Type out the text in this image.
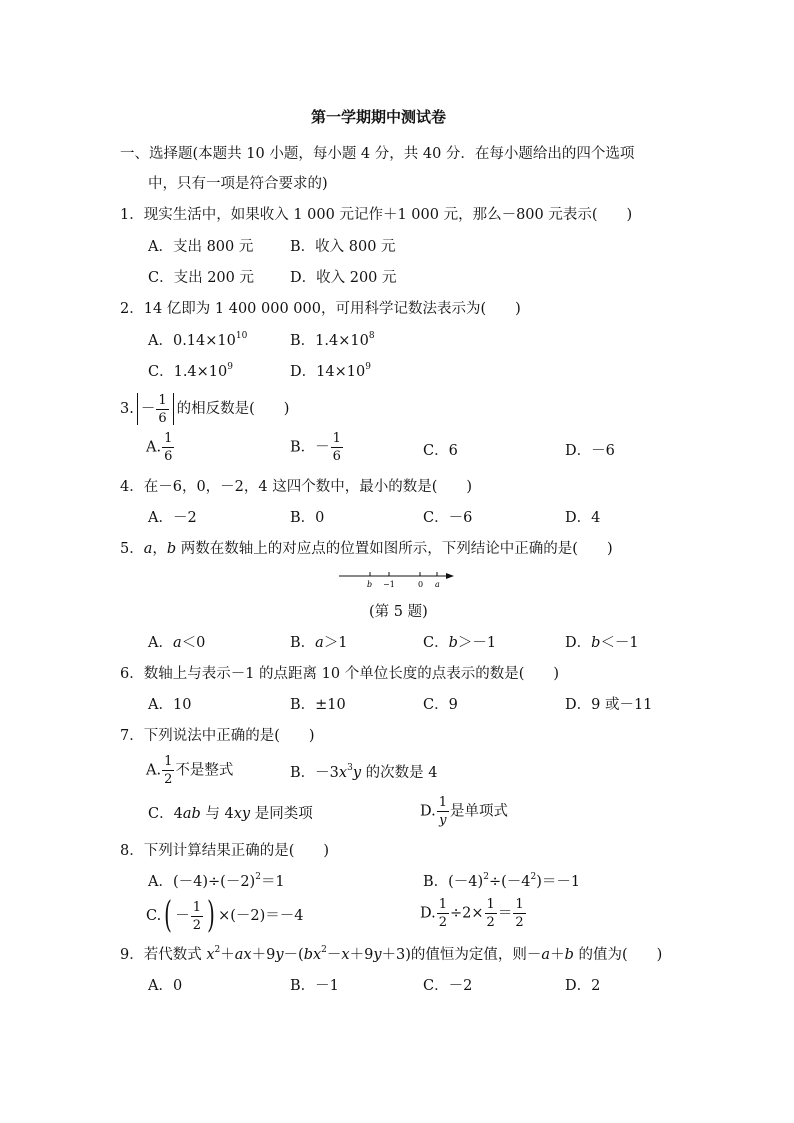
第一学期期中测试卷
一、选择题(本题共 10 小题，每小题 4 分，共 40 分．在每小题给出的四个选项
中，只有一项是符合要求的)
1．现实生活中，如果收入 1 000 元记作＋1 000 元，那么－800 元表示(　　)
A．支出 800 元	B．收入 800 元
C．支出 200 元 D．收入 200 元
2．14 亿即为 1 400 000 000，可用科学记数法表示为(　　)
A．$0.14\times 10^{10}$	B．$1.4\times 10^8$
C．$1.4\times 10^9$	D．$14\times 10^9$
3. － $\frac{1}{6}$ 的相反数是(　　)
A. $\frac{1}{6}$	B．－ $\frac{1}{6}$	C．6	D．－6
4．在－6，0，－2，4 这四个数中，最小的数是(　　)
A．－2	B．0	C．－6	D．4
5．a，b 两数在数轴上的对应点的位置如图所示，下列结论中正确的是(　　)
b −1	0 a
(第 5 题)
A．a＜0	B．a＞1	C．b＞－1	D．b＜－1
6．数轴上与表示－1 的点距离 10 个单位长度的点表示的数是(　　)
A．10	B．±10	C．9	D．9 或－11
7．下列说法中正确的是(　　)
A. $\frac{1}{2}$ 不是整式	B．$-3x^3y$ 的次数是 4
C．4ab 与 4xy 是同类项	D. $\frac{1}{y}$ 是单项式
8．下列计算结果正确的是(　　)
A．$(-4)\div(-2)^2=1$	B．$(-4)^2\div(-4^2)=-1$
$C.( - \frac{1}{2}$ ) ×(－2)＝－4	D. $\frac{1}{2} \div 2\times \frac{1}{2} = \frac{1}{2}$
9．若代数式 $x^2+ax+9y-(bx^2-x+9y+3)$的值恒为定值，则－a＋b 的值为(　　)
A．0	B．－1	C．－2	D．2
